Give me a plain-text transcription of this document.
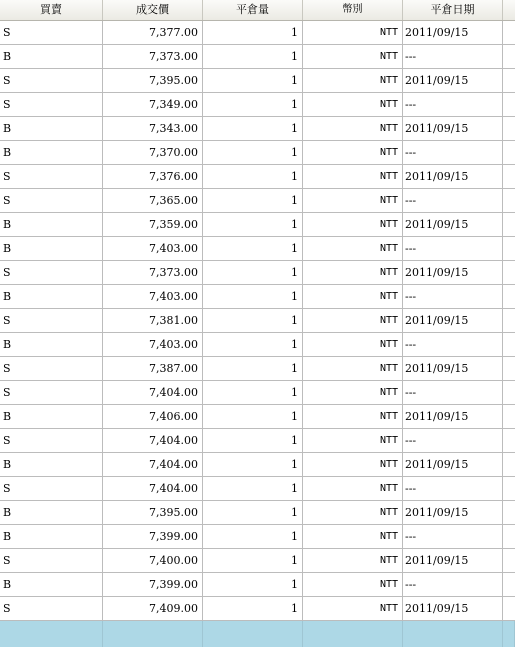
買賣	成交價	平倉量	幣別	平倉日期
S	7,377.00	1	NTT 2011/09/15
B	7,373.00	1	NTT ---
S	7,395.00	1	NTT 2011/09/15
S	7,349.00	1	NTT ---
B	7,343.00	1	NTT 2011/09/15
B	7,370.00	1	NTT ---
S	7,376.00	1	NTT 2011/09/15
S	7,365.00	1	NTT ---
B	7,359.00	1	NTT 2011/09/15
B	7,403.00	1	NTT ---
S	7,373.00	1	NTT 2011/09/15
B	7,403.00	1	NTT ---
S	7,381.00	1	NTT 2011/09/15
B	7,403.00	1	NTT ---
S	7,387.00	1	NTT 2011/09/15
S	7,404.00	1	NTT ---
B	7,406.00	1	NTT 2011/09/15
S	7,404.00	1	NTT ---
B	7,404.00	1	NTT 2011/09/15
S	7,404.00	1	NTT ---
B	7,395.00	1	NTT 2011/09/15
B	7,399.00	1	NTT ---
S	7,400.00	1	NTT 2011/09/15
B	7,399.00	1	NTT ---
S	7,409.00	1	NTT 2011/09/15
